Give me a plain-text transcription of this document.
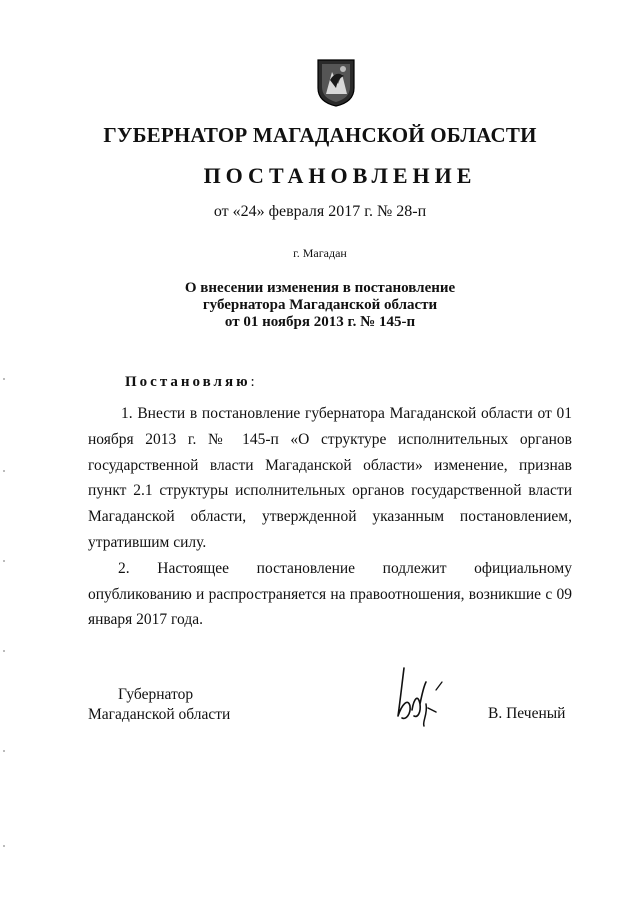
ГУБЕРНАТОР МАГАДАНСКОЙ ОБЛАСТИ
ПОСТАНОВЛЕНИЕ
от «24» февраля 2017 г. № 28-п
г. Магадан
О внесении изменения в постановление
губернатора Магаданской области
от 01 ноября 2013 г. № 145-п
Постановляю:
1. Внести в постановление губернатора Магаданской области от 01 ноября 2013 г. № 145-п «О структуре исполнительных органов государственной власти Магаданской области» изменение, признав пункт 2.1 структуры исполнительных органов государственной власти Магаданской области, утвержденной указанным постановлением, утратившим силу.
2. Настоящее постановление подлежит официальному опубликованию и распространяется на правоотношения, возникшие с 09 января 2017 года.
Губернатор
Магаданской области	В. Печеный
